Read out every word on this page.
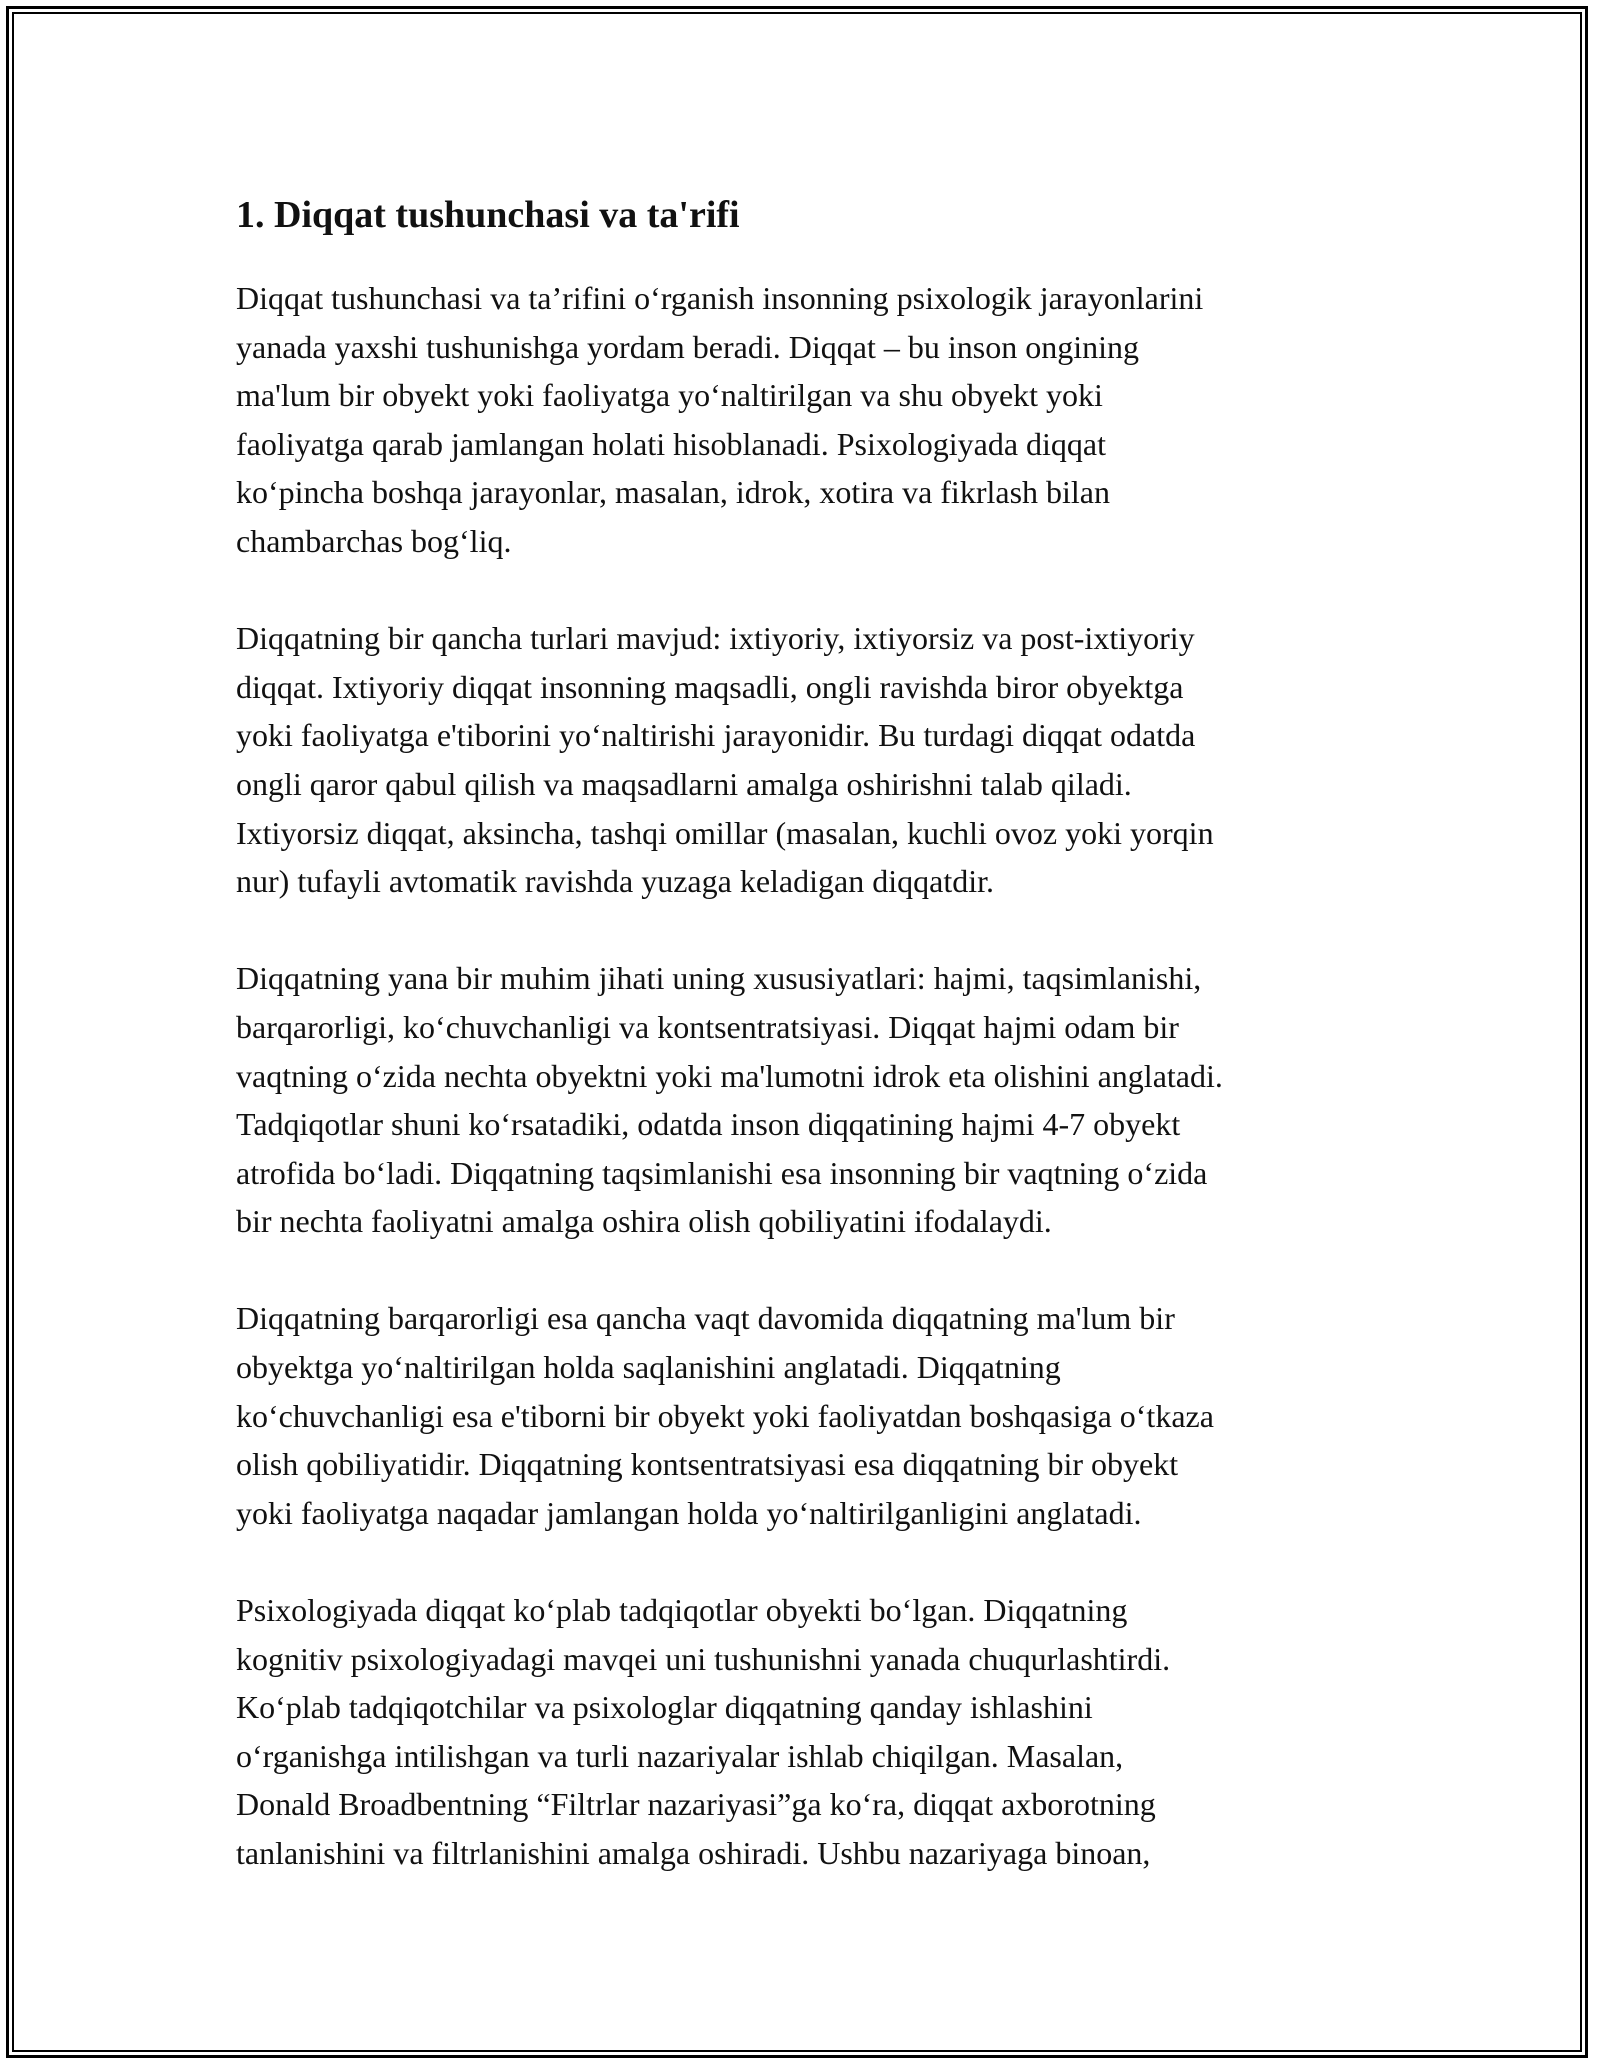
1. Diqqat tushunchasi va ta'rifi

Diqqat tushunchasi va ta’rifini o‘rganish insonning psixologik jarayonlarini
yanada yaxshi tushunishga yordam beradi. Diqqat – bu inson ongining
ma'lum bir obyekt yoki faoliyatga yo‘naltirilgan va shu obyekt yoki
faoliyatga qarab jamlangan holati hisoblanadi. Psixologiyada diqqat
ko‘pincha boshqa jarayonlar, masalan, idrok, xotira va fikrlash bilan
chambarchas bog‘liq.

Diqqatning bir qancha turlari mavjud: ixtiyoriy, ixtiyorsiz va post-ixtiyoriy
diqqat. Ixtiyoriy diqqat insonning maqsadli, ongli ravishda biror obyektga
yoki faoliyatga e'tiborini yo‘naltirishi jarayonidir. Bu turdagi diqqat odatda
ongli qaror qabul qilish va maqsadlarni amalga oshirishni talab qiladi.
Ixtiyorsiz diqqat, aksincha, tashqi omillar (masalan, kuchli ovoz yoki yorqin
nur) tufayli avtomatik ravishda yuzaga keladigan diqqatdir.

Diqqatning yana bir muhim jihati uning xususiyatlari: hajmi, taqsimlanishi,
barqarorligi, ko‘chuvchanligi va kontsentratsiyasi. Diqqat hajmi odam bir
vaqtning o‘zida nechta obyektni yoki ma'lumotni idrok eta olishini anglatadi.
Tadqiqotlar shuni ko‘rsatadiki, odatda inson diqqatining hajmi 4-7 obyekt
atrofida bo‘ladi. Diqqatning taqsimlanishi esa insonning bir vaqtning o‘zida
bir nechta faoliyatni amalga oshira olish qobiliyatini ifodalaydi.

Diqqatning barqarorligi esa qancha vaqt davomida diqqatning ma'lum bir
obyektga yo‘naltirilgan holda saqlanishini anglatadi. Diqqatning
ko‘chuvchanligi esa e'tiborni bir obyekt yoki faoliyatdan boshqasiga o‘tkaza
olish qobiliyatidir. Diqqatning kontsentratsiyasi esa diqqatning bir obyekt
yoki faoliyatga naqadar jamlangan holda yo‘naltirilganligini anglatadi.

Psixologiyada diqqat ko‘plab tadqiqotlar obyekti bo‘lgan. Diqqatning
kognitiv psixologiyadagi mavqei uni tushunishni yanada chuqurlashtirdi.
Ko‘plab tadqiqotchilar va psixologlar diqqatning qanday ishlashini
o‘rganishga intilishgan va turli nazariyalar ishlab chiqilgan. Masalan,
Donald Broadbentning “Filtrlar nazariyasi”ga ko‘ra, diqqat axborotning
tanlanishini va filtrlanishini amalga oshiradi. Ushbu nazariyaga binoan,
